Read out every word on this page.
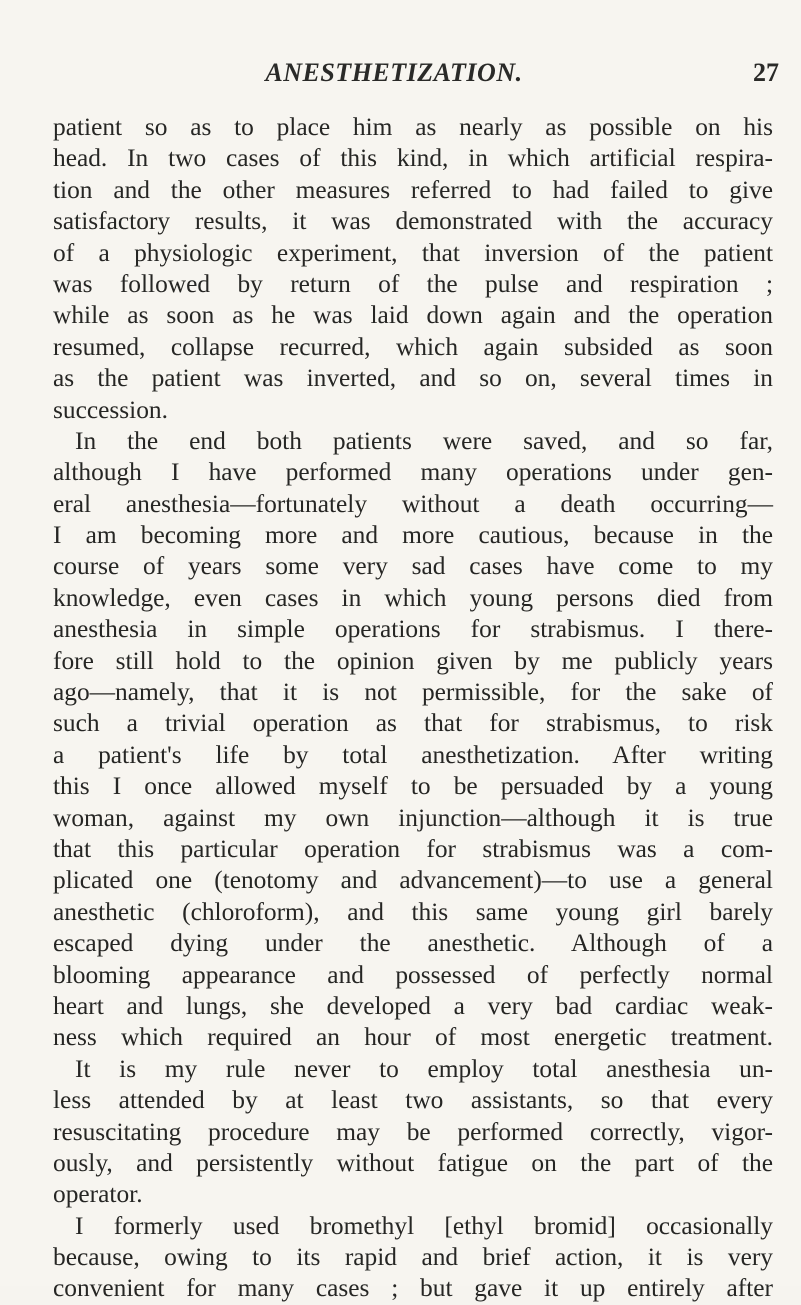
ANESTHETIZATION.	27
patient so as to place him as nearly as possible on his
head. In two cases of this kind, in which artificial respira-
tion and the other measures referred to had failed to give
satisfactory results, it was demonstrated with the accuracy
of a physiologic experiment, that inversion of the patient
was followed by return of the pulse and respiration ;
while as soon as he was laid down again and the operation
resumed, collapse recurred, which again subsided as soon
as the patient was inverted, and so on, several times in
succession.
In the end both patients were saved, and so far,
although I have performed many operations under gen-
eral anesthesia—fortunately without a death occurring—
I am becoming more and more cautious, because in the
course of years some very sad cases have come to my
knowledge, even cases in which young persons died from
anesthesia in simple operations for strabismus. I there-
fore still hold to the opinion given by me publicly years
ago—namely, that it is not permissible, for the sake of
such a trivial operation as that for strabismus, to risk
a patient's life by total anesthetization. After writing
this I once allowed myself to be persuaded by a young
woman, against my own injunction—although it is true
that this particular operation for strabismus was a com-
plicated one (tenotomy and advancement)—to use a general
anesthetic (chloroform), and this same young girl barely
escaped dying under the anesthetic. Although of a
blooming appearance and possessed of perfectly normal
heart and lungs, she developed a very bad cardiac weak-
ness which required an hour of most energetic treatment.
It is my rule never to employ total anesthesia un-
less attended by at least two assistants, so that every
resuscitating procedure may be performed correctly, vigor-
ously, and persistently without fatigue on the part of the
operator.
I formerly used bromethyl [ethyl bromid] occasionally
because, owing to its rapid and brief action, it is very
convenient for many cases ; but gave it up entirely after
